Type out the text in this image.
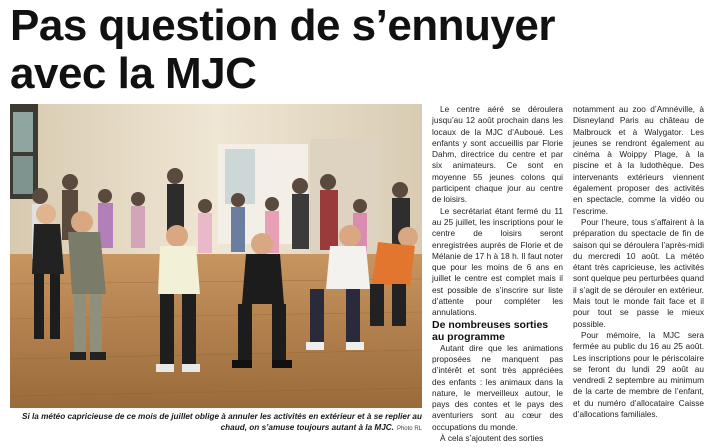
Pas question de s’ennuyer
avec la MJC
Si la météo capricieuse de ce mois de juillet oblige à annuler les activités en extérieur et à se replier au chaud, on s’amuse toujours autant à la MJC. Photo RL

Le centre aéré se déroulera jusqu’au 12 août prochain dans les locaux de la MJC d’Auboué. Les enfants y sont accueillis par Florie Dahm, directrice du centre et par six animateurs. Ce sont en moyenne 55 jeunes colons qui participent chaque jour au centre de loisirs.

Le secrétariat étant fermé du 11 au 25 juillet, les inscriptions pour le centre de loisirs seront enregistrées auprès de Florie et de Mélanie de 17 h à 18 h. Il faut noter que pour les moins de 6 ans en juillet le centre est complet mais il est possible de s’inscrire sur liste d’attente pour compléter les annulations.

De nombreuses sorties au programme

Autant dire que les animations proposées ne manquent pas d’intérêt et sont très appréciées des enfants : les animaux dans la nature, le merveilleux autour, le pays des contes et le pays des aventuriers sont au cœur des occupations du monde.

À cela s’ajoutent des sorties

notamment au zoo d’Amnéville, à Disneyland Paris au château de Malbrouck et à Walygator. Les jeunes se rendront également au cinéma à Woippy Plage, à la piscine et à la ludothèque. Des intervenants extérieurs viennent également proposer des activités en spectacle, comme la vidéo ou l’escrime.

Pour l’heure, tous s’affairent à la préparation du spectacle de fin de saison qui se déroulera l’après-midi du mercredi 10 août. La météo étant très capricieuse, les activités sont quelque peu perturbées quand il s’agit de se dérouler en extérieur. Mais tout le monde fait face et il pour tout se passe le mieux possible.

Pour mémoire, la MJC sera fermée au public du 16 au 25 août. Les inscriptions pour le périscolaire se feront du lundi 29 août au vendredi 2 septembre au minimum de la carte de membre de l’enfant, et du numéro d’allocataire Caisse d’allocations familiales.
